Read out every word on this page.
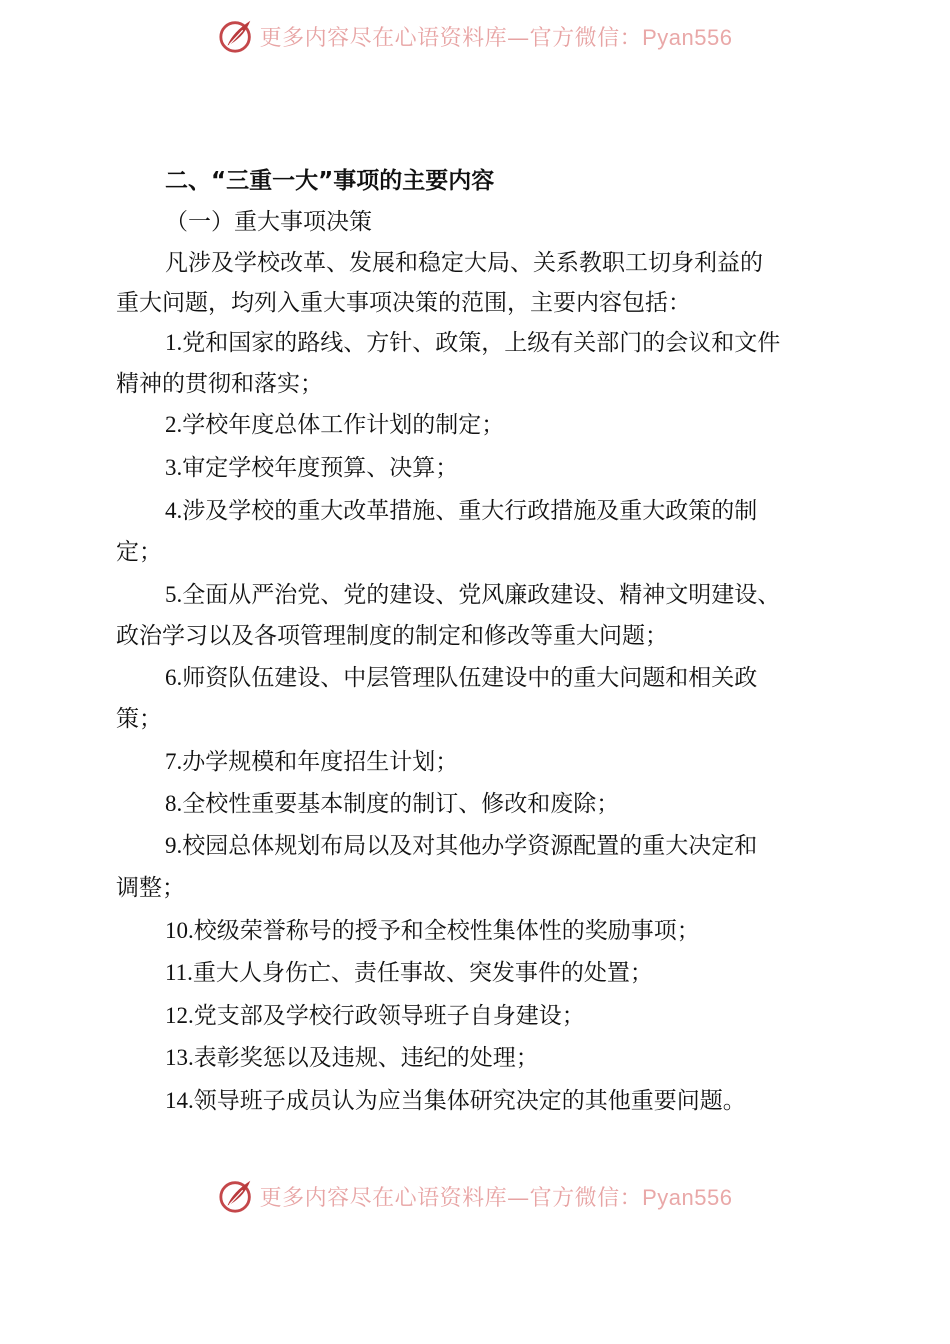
更多内容尽在心语资料库—官方微信：Pyan556
二、“三重一大”事项的主要内容
（一）重大事项决策
凡涉及学校改革、发展和稳定大局、关系教职工切身利益的
重大问题，均列入重大事项决策的范围，主要内容包括：
1.党和国家的路线、方针、政策，上级有关部门的会议和文件
精神的贯彻和落实；
2.学校年度总体工作计划的制定；
3.审定学校年度预算、决算；
4.涉及学校的重大改革措施、重大行政措施及重大政策的制
定；
5.全面从严治党、党的建设、党风廉政建设、精神文明建设、
政治学习以及各项管理制度的制定和修改等重大问题；
6.师资队伍建设、中层管理队伍建设中的重大问题和相关政
策；
7.办学规模和年度招生计划；
8.全校性重要基本制度的制订、修改和废除；
9.校园总体规划布局以及对其他办学资源配置的重大决定和
调整；
10.校级荣誉称号的授予和全校性集体性的奖励事项；
11.重大人身伤亡、责任事故、突发事件的处置；
12.党支部及学校行政领导班子自身建设；
13.表彰奖惩以及违规、违纪的处理；
14.领导班子成员认为应当集体研究决定的其他重要问题。
更多内容尽在心语资料库—官方微信：Pyan556
